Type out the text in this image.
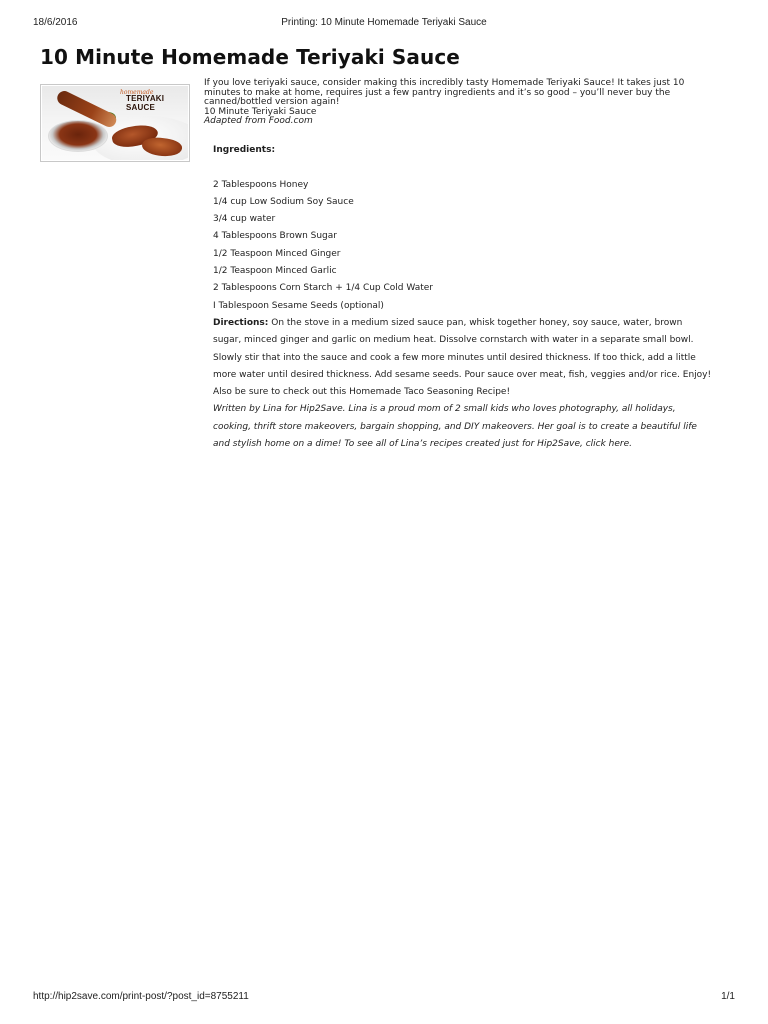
18/6/2016	Printing: 10 Minute Homemade Teriyaki Sauce
10 Minute Homemade Teriyaki Sauce
homemade
TERIYAKI SAUCE

If you love teriyaki sauce, consider making this incredibly tasty Homemade Teriyaki Sauce! It takes just 10 minutes to make at home, requires just a few pantry ingredients and it’s so good – you’ll never buy the canned/bottled version again!

10 Minute Teriyaki Sauce

Adapted from Food.com

Ingredients:

2 Tablespoons Honey
1/4 cup Low Sodium Soy Sauce
3/4 cup water
4 Tablespoons Brown Sugar
1/2 Teaspoon Minced Ginger
1/2 Teaspoon Minced Garlic
2 Tablespoons Corn Starch + 1/4 Cup Cold Water
I Tablespoon Sesame Seeds (optional)

Directions: On the stove in a medium sized sauce pan, whisk together honey, soy sauce, water, brown sugar, minced ginger and garlic on medium heat. Dissolve cornstarch with water in a separate small bowl. Slowly stir that into the sauce and cook a few more minutes until desired thickness. If too thick, add a little more water until desired thickness. Add sesame seeds. Pour sauce over meat, fish, veggies and/or rice. Enjoy!

Also be sure to check out this Homemade Taco Seasoning Recipe!

Written by Lina for Hip2Save. Lina is a proud mom of 2 small kids who loves photography, all holidays, cooking, thrift store makeovers, bargain shopping, and DIY makeovers. Her goal is to create a beautiful life and stylish home on a dime! To see all of Lina’s recipes created just for Hip2Save, click here.

http://hip2save.com/print-post/?post_id=8755211	1/1
